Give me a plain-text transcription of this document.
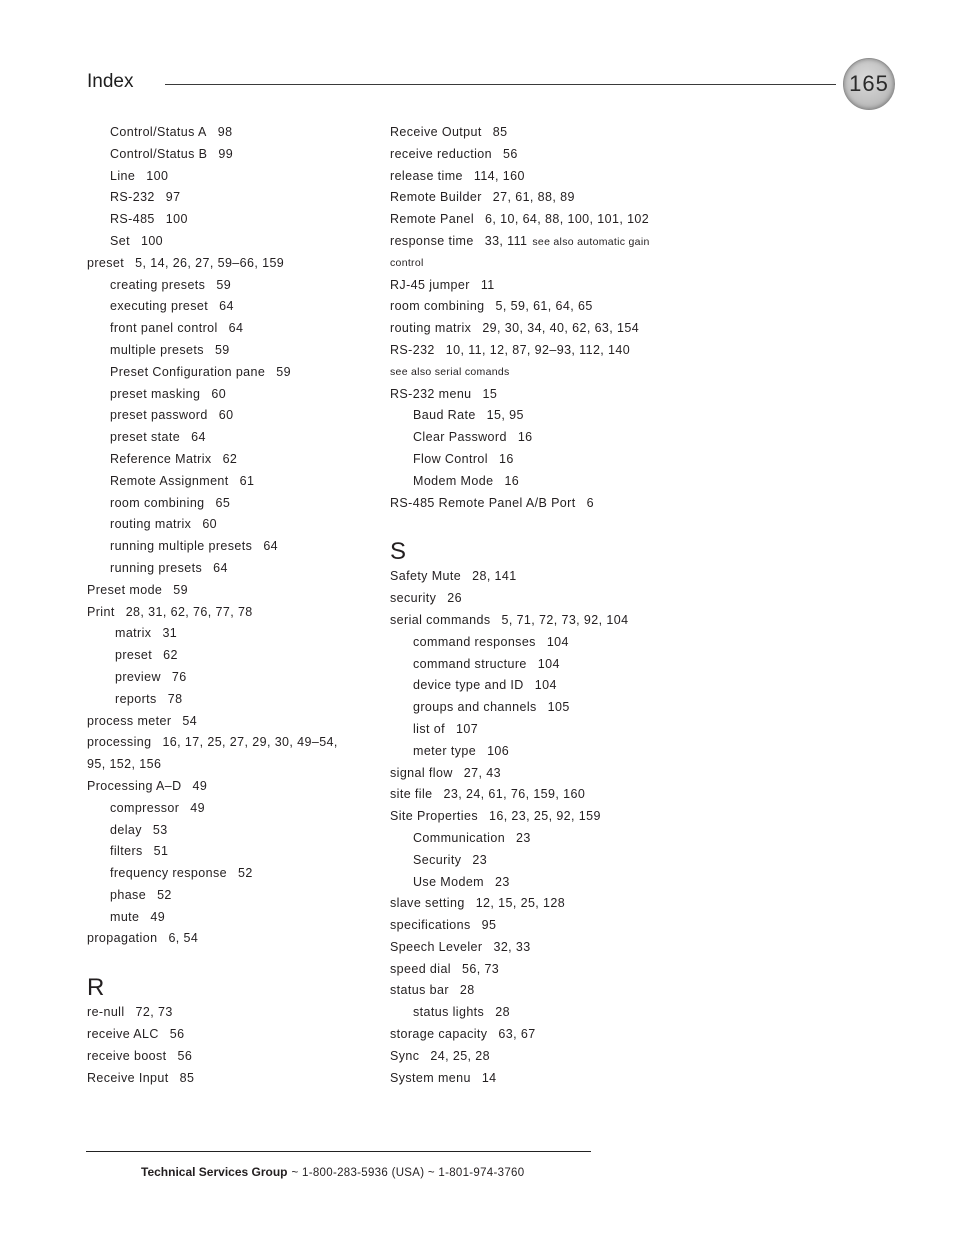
Index	165
Control/Status A 98
Control/Status B 99
Line 100
RS-232 97
RS-485 100
Set 100
preset 5, 14, 26, 27, 59–66, 159
creating presets 59
executing preset 64
front panel control 64
multiple presets 59
Preset Configuration pane 59
preset masking 60
preset password 60
preset state 64
Reference Matrix 62
Remote Assignment 61
room combining 65
routing matrix 60
running multiple presets 64
running presets 64
Preset mode 59
Print 28, 31, 62, 76, 77, 78
matrix 31
preset 62
preview 76
reports 78
process meter 54
processing 16, 17, 25, 27, 29, 30, 49–54,
95, 152, 156
Processing A–D 49
compressor 49
delay 53
filters 51
frequency response 52
phase 52
mute 49
propagation 6, 54
R
re-null 72, 73
receive ALC 56
receive boost 56
Receive Input 85
Receive Output 85
receive reduction 56
release time 114, 160
Remote Builder 27, 61, 88, 89
Remote Panel 6, 10, 64, 88, 100, 101, 102
response time 33, 111 see also automatic gain
control
RJ-45 jumper 11
room combining 5, 59, 61, 64, 65
routing matrix 29, 30, 34, 40, 62, 63, 154
RS-232 10, 11, 12, 87, 92–93, 112, 140
see also serial comands
RS-232 menu 15
Baud Rate 15, 95
Clear Password 16
Flow Control 16
Modem Mode 16
RS-485 Remote Panel A/B Port 6
S
Safety Mute 28, 141
security 26
serial commands 5, 71, 72, 73, 92, 104
command responses 104
command structure 104
device type and ID 104
groups and channels 105
list of 107
meter type 106
signal flow 27, 43
site file 23, 24, 61, 76, 159, 160
Site Properties 16, 23, 25, 92, 159
Communication 23
Security 23
Use Modem 23
slave setting 12, 15, 25, 128
specifications 95
Speech Leveler 32, 33
speed dial 56, 73
status bar 28
status lights 28
storage capacity 63, 67
Sync 24, 25, 28
System menu 14
Technical Services Group ~ 1-800-283-5936 (USA) ~ 1-801-974-3760
